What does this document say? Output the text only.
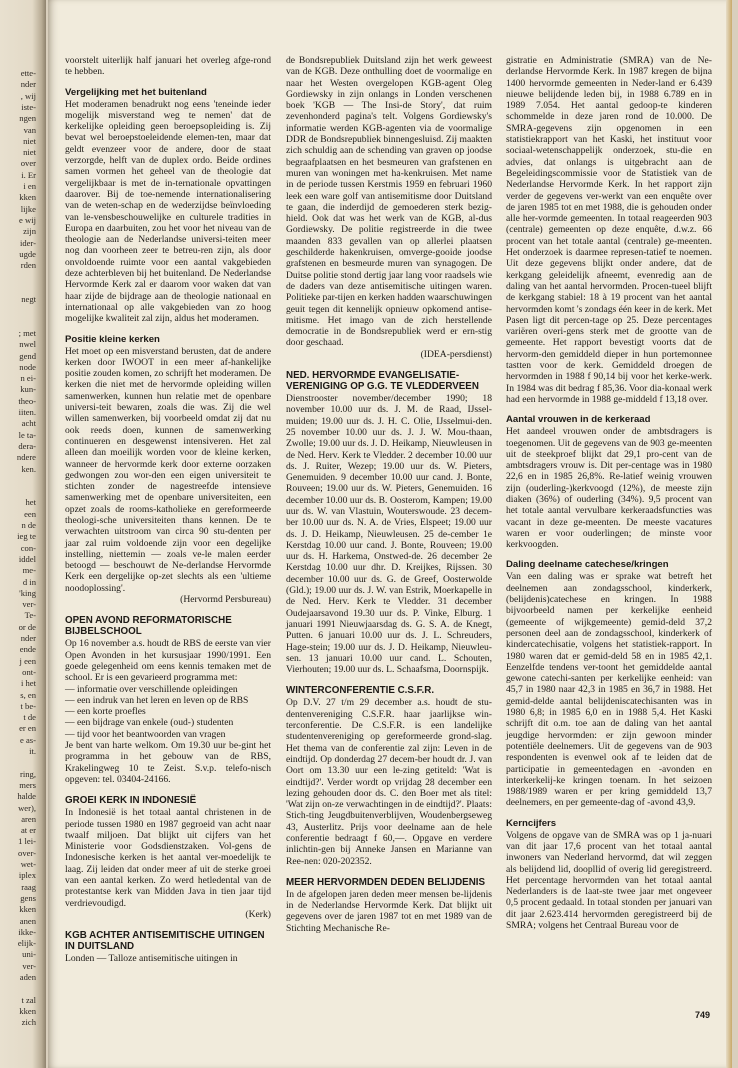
ette-
nder
, wij
iste-
ngen
van
niet
niet
over
i. Er
i en
kken
lijke
e wij
zijn
ider-
ugde
rden
negt
; met
nwel
gend
node
n ei-
kun-
theo-
iiten.
acht
le ta-
dera-
ndere
ken.
het
een
n de
ieg te
con-
iddel
me-
d in
'king
ver-
Te-
or de
nder
ende
j een
ont-
i het
s, en
t be-
t de
er en
e as-
it.
ring,
mers
halde
wer),
aren
at er
1 lei-
over-
wet-
iplex
raag
gens
kken
anen
ikke-
elijk-
uni-
ver-
aden
t zal
kken
zich

voorstelt uiterlijk half januari het overleg afge-rond te hebben.

Vergelijking met het buitenland

Het moderamen benadrukt nog eens 'teneinde ieder mogelijk misverstand weg te nemen' dat de kerkelijke opleiding geen beroepsopleiding is. Zij bevat wel beroepstoeleidende elemen-ten, maar dat geldt evenzeer voor de andere, door de staat verzorgde, helft van de duplex ordo. Beide ordines samen vormen het geheel van de theologie dat vergelijkbaar is met de in-ternationale opvattingen daarover. Bij de toe-nemende internationalisering van de weten-schap en de wederzijdse beïnvloeding van le-vensbeschouwelijke en culturele tradities in Europa en daarbuiten, zou het voor het niveau van de theologie aan de Nederlandse universi-teiten meer nog dan voorheen zeer te betreu-ren zijn, als door onvoldoende ruimte voor een aantal vakgebieden deze achterbleven bij het buitenland. De Nederlandse Hervormde Kerk zal er daarom voor waken dat van haar zijde de bijdrage aan de theologie nationaal en internationaal op alle vakgebieden van zo hoog mogelijke kwaliteit zal zijn, aldus het moderamen.

Positie kleine kerken

Het moet op een misverstand berusten, dat de andere kerken door IWOOT in een meer af-hankelijke positie zouden komen, zo schrijft het moderamen. De kerken die niet met de hervormde opleiding willen samenwerken, kunnen hun relatie met de openbare universi-teit bewaren, zoals die was. Zij die wel willen samenwerken, bij voorbeeld omdat zij dat nu ook reeds doen, kunnen de samenwerking continueren en desgewenst intensiveren. Het zal alleen dan moeilijk worden voor de kleine kerken, wanneer de hervormde kerk door externe oorzaken gedwongen zou wor-den een eigen universiteit te stichten zonder de nagestreefde intensieve samenwerking met de openbare universiteiten, een opzet zoals de rooms-katholieke en gereformeerde theologi-sche universiteiten thans kennen. De te verwachten uitstroom van circa 90 stu-denten per jaar zal ruim voldoende zijn voor een degelijke instelling, niettemin — zoals ve-le malen eerder betoogd — beschouwt de Ne-derlandse Hervormde Kerk een dergelijke op-zet slechts als een 'ultieme noodoplossing'.

(Hervormd Persbureau)
OPEN AVOND REFORMATORISCHE BIJBELSCHOOL

Op 16 november a.s. houdt de RBS de eerste van vier Open Avonden in het kursusjaar 1990/1991. Een goede gelegenheid om eens kennis temaken met de school. Er is een gevarieerd programma met:

— informatie over verschillende opleidingen
— een indruk van het leren en leven op de RBS
— een korte proefles
— een bijdrage van enkele (oud-) studenten
— tijd voor het beantwoorden van vragen

Je bent van harte welkom. Om 19.30 uur be-gint het programma in het gebouw van de RBS, Krakelingweg 10 te Zeist. S.v.p. telefo-nisch opgeven: tel. 03404-24166.

GROEI KERK IN INDONESIË

In Indonesië is het totaal aantal christenen in de periode tussen 1980 en 1987 gegroeid van acht naar twaalf miljoen. Dat blijkt uit cijfers van het Ministerie voor Godsdienstzaken. Vol-gens de Indonesische kerken is het aantal ver-moedelijk te laag. Zij leiden dat onder meer af uit de sterke groei van een aantal kerken. Zo werd hetledental van de protestantse kerk van Midden Java in tien jaar tijd verdrievoudigd.

(Kerk)
KGB ACHTER ANTISEMITISCHE UITINGEN IN DUITSLAND

Londen — Talloze antisemitische uitingen in

de Bondsrepubliek Duitsland zijn het werk geweest van de KGB. Deze onthulling doet de voormalige en naar het Westen overgelopen KGB-agent Oleg Gordiewsky in zijn onlangs in Londen verschenen boek 'KGB — The Insi-de Story', dat ruim zevenhonderd pagina's telt. Volgens Gordiewsky's informatie werden KGB-agenten via de voormalige DDR de Bondsrepubliek binnengesluisd. Zij maakten zich schuldig aan de schending van graven op joodse begraafplaatsen en het besmeuren van grafstenen en muren van woningen met ha-kenkruisen. Met name in de periode tussen Kerstmis 1959 en februari 1960 leek een ware golf van antisemitisme door Duitsland te gaan, die inderdijd de gemoederen sterk bezig-hield. Ook dat was het werk van de KGB, al-dus Gordiewsky. De politie registreerde in die twee maanden 833 gevallen van op allerlei plaatsen geschilderde hakenkruisen, omverge-gooide joodse grafstenen en besmeurde muren van synagogen. De Duitse politie stond dertig jaar lang voor raadsels wie de daders van deze antisemitische uitingen waren. Politieke par-tijen en kerken hadden waarschuwingen geuit tegen dit kennelijk opnieuw opkomend antise-mitisme. Het imago van de zich herstellende democratie in de Bondsrepubliek werd er ern-stig door geschaad.

(IDEA-persdienst)
NED. HERVORMDE EVANGELISATIE-VERENIGING OP G.G. TE VLEDDERVEEN

Dienstrooster november/december 1990; 18 november 10.00 uur ds. J. M. de Raad, IJssel-muiden; 19.00 uur ds. J. H. C. Olie, IJsselmui-den. 25 november 10.00 uur ds. J. J. W. Mou-thaan, Zwolle; 19.00 uur ds. J. D. Heikamp, Nieuwleusen in de Ned. Herv. Kerk te Vledder. 2 december 10.00 uur ds. J. Ruiter, Wezep; 19.00 uur ds. W. Pieters, Genemuiden. 9 december 10.00 uur cand. J. Bonte, Rouveen; 19.00 uur ds. W. Pieters, Genemuiden. 16 december 10.00 uur ds. B. Oosterom, Kampen; 19.00 uur ds. W. van Vlastuin, Wouterswoude. 23 decem-ber 10.00 uur ds. N. A. de Vries, Elspeet; 19.00 uur ds. J. D. Heikamp, Nieuwleusen. 25 de-cember 1e Kerstdag 10.00 uur cand. J. Bonte, Rouveen; 19.00 uur ds. H. Harkema, Onstwed-de. 26 december 2e Kerstdag 10.00 uur dhr. D. Kreijkes, Rijssen. 30 december 10.00 uur ds. G. de Greef, Oosterwolde (Gld.); 19.00 uur ds. J. W. van Estrik, Moerkapelle in de Ned. Herv. Kerk te Vledder. 31 december Oudejaarsavond 19.30 uur ds. P. Vinke, Elburg. 1 januari 1991 Nieuwjaarsdag ds. G. S. A. de Knegt, Putten. 6 januari 10.00 uur ds. J. L. Schreuders, Hage-stein; 19.00 uur ds. J. D. Heikamp, Nieuwleu-sen. 13 januari 10.00 uur cand. L. Schouten, Vierhouten; 19.00 uur ds. L. Schaafsma, Doornspijk.

WINTERCONFERENTIE C.S.F.R.

Op D.V. 27 t/m 29 december a.s. houdt de stu-dentenvereniging C.S.F.R. haar jaarlijkse win-terconferentie. De C.S.F.R. is een landelijke studentenvereniging op gereformeerde grond-slag. Het thema van de conferentie zal zijn: Leven in de eindtijd. Op donderdag 27 decem-ber houdt dr. J. van Oort om 13.30 uur een le-zing getiteld: 'Wat is eindtijd?'. Verder wordt op vrijdag 28 december een lezing gehouden door ds. C. den Boer met als titel: 'Wat zijn on-ze verwachtingen in de eindtijd?'. Plaats: Stich-ting Jeugdbuitenverblijven, Woudenbergseweg 43, Austerlitz. Prijs voor deelname aan de hele conferentie bedraagt f 60,—. Opgave en verdere inlichtin-gen bij Anneke Jansen en Marianne van Ree-nen: 020-202352.

MEER HERVORMDEN DEDEN BELIJDENIS

In de afgelopen jaren deden meer mensen be-lijdenis in de Nederlandse Hervormde Kerk. Dat blijkt uit gegevens over de jaren 1987 tot en met 1989 van de Stichting Mechanische Re-

gistratie en Administratie (SMRA) van de Ne-derlandse Hervormde Kerk. In 1987 kregen de bijna 1400 hervormde gemeenten in Neder-land er 6.439 nieuwe belijdende leden bij, in 1988 6.789 en in 1989 7.054. Het aantal gedoop-te kinderen schommelde in deze jaren rond de 10.000. De SMRA-gegevens zijn opgenomen in een statistiekrapport van het Kaski, het instituut voor sociaal-wetenschappelijk onderzoek, stu-die en advies, dat onlangs is uitgebracht aan de Begeleidingscommissie voor de Statistiek van de Nederlandse Hervormde Kerk. In het rapport zijn verder de gegevens ver-werkt van een enquête over de jaren 1985 tot en met 1988, die is gehouden onder alle her-vormde gemeenten. In totaal reageerden 903 (centrale) gemeenten op deze enquête, d.w.z. 66 procent van het totale aantal (centrale) ge-meenten. Het onderzoek is daarmee represen-tatief te noemen. Uit deze gegevens blijkt onder andere, dat de kerkgang geleidelijk afneemt, evenredig aan de daling van het aantal hervormden. Procen-tueel blijft de kerkgang stabiel: 18 à 19 procent van het aantal hervormden komt 's zondags één keer in de kerk. Met Pasen ligt dit percen-tage op 25. Deze percentages variëren overi-gens sterk met de grootte van de gemeente. Het rapport bevestigt voorts dat de hervorm-den gemiddeld dieper in hun portemonnee tastten voor de kerk. Gemiddeld droegen de hervormden in 1988 f 90,14 bij voor het kerke-werk. In 1984 was dit bedrag f 85,36. Voor dia-konaal werk had een hervormde in 1988 ge-middeld f 13,18 over.

Aantal vrouwen in de kerkeraad

Het aandeel vrouwen onder de ambtsdragers is toegenomen. Uit de gegevens van de 903 ge-meenten uit de steekproef blijkt dat 29,1 pro-cent van de ambtsdragers vrouw is. Dit per-centage was in 1980 22,6 en in 1985 26,8%. Re-latief weinig vrouwen zijn (ouderling-)kerkvoogd (12%), de meeste zijn diaken (36%) of ouderling (34%). 9,5 procent van het totale aantal vervulbare kerkeraadsfuncties was vacant in deze ge-meenten. De meeste vacatures waren er voor ouderlingen; de minste voor kerkvoogden.

Daling deelname catechese/kringen

Van een daling was er sprake wat betreft het deelnemen aan zondagsschool, kinderkerk, (belijdenis)catechese en kringen. In 1988 bijvoorbeeld namen per kerkelijke eenheid (gemeente of wijkgemeente) gemid-deld 37,2 personen deel aan de zondagsschool, kinderkerk of kindercatechisatie, volgens het statistiek-rapport. In 1980 waren dat er gemid-deld 58 en in 1985 42,1. Eenzelfde tendens ver-toont het gemiddelde aantal gewone catechi-santen per kerkelijke eenheid: van 45,7 in 1980 naar 42,3 in 1985 en 36,7 in 1988. Het gemid-delde aantal belijdeniscatechisanten was in 1980 6,8; in 1985 6,0 en in 1988 5,4. Het Kaski schrijft dit o.m. toe aan de daling van het aantal jeugdige hervormden: er zijn gewoon minder potentiële deelnemers. Uit de gegevens van de 903 respondenten is evenwel ook af te leiden dat de participatie in gemeentedagen en -avonden en interkerkelij-ke kringen toenam. In het seizoen 1988/1989 waren er per kring gemiddeld 13,7 deelnemers, en per gemeente-dag of -avond 43,9.

Kerncijfers

Volgens de opgave van de SMRA was op 1 ja-nuari van dit jaar 17,6 procent van het totaal aantal inwoners van Nederland hervormd, dat wil zeggen als belijdend lid, doopllid of overig lid geregistreerd. Het percentage hervormden van het totaal aantal Nederlanders is de laat-ste twee jaar met ongeveer 0,5 procent gedaald. In totaal stonden per januari van dit jaar 2.623.414 hervormden geregistreerd bij de SMRA; volgens het Centraal Bureau voor de

749
